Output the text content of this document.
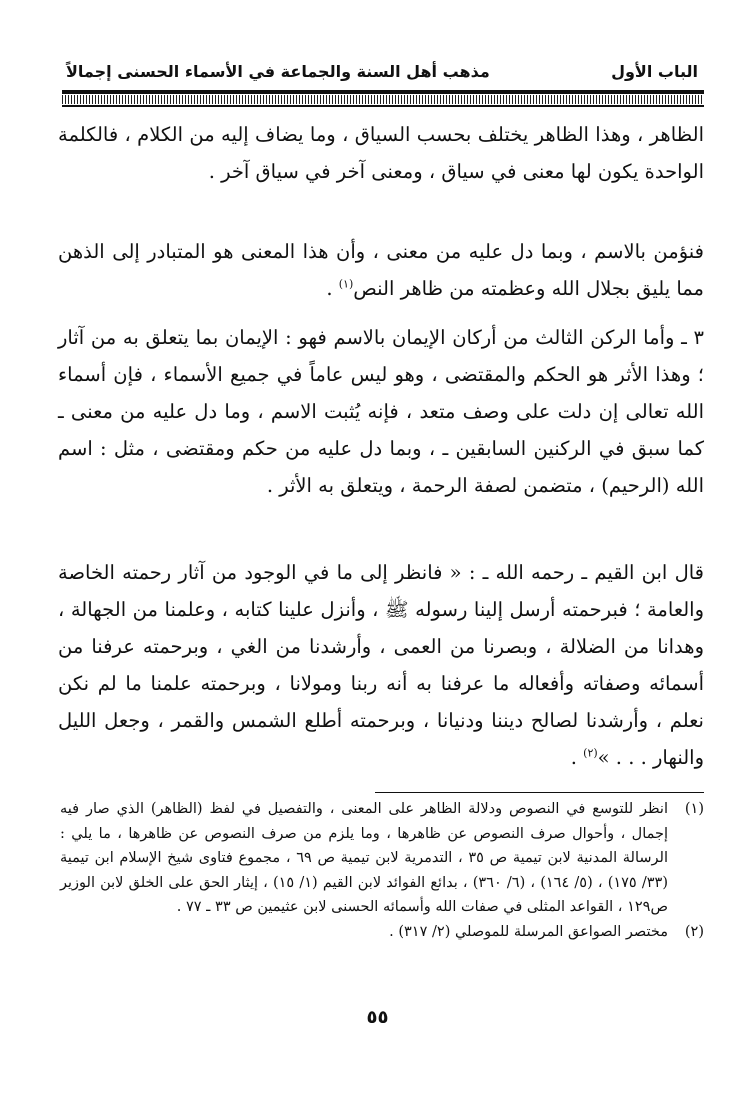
الباب الأول
مذهب أهل السنة والجماعة في الأسماء الحسنى إجمالاً

الظاهر ، وهذا الظاهر يختلف بحسب السياق ، وما يضاف إليه من الكلام ، فالكلمة الواحدة يكون لها معنى في سياق ، ومعنى آخر في سياق آخر .

فنؤمن بالاسم ، وبما دل عليه من معنى ، وأن هذا المعنى هو المتبادر إلى الذهن مما يليق بجلال الله وعظمته من ظاهر النص$^{(١)}$ .

٣ ـ وأما الركن الثالث من أركان الإيمان بالاسم فهو : الإيمان بما يتعلق به من آثار ؛ وهذا الأثر هو الحكم والمقتضى ، وهو ليس عاماً في جميع الأسماء ، فإن أسماء الله تعالى إن دلت على وصف متعد ، فإنه يُثبت الاسم ، وما دل عليه من معنى ـ كما سبق في الركنين السابقين ـ ، وبما دل عليه من حكم ومقتضى ، مثل : اسم الله (الرحيم) ، متضمن لصفة الرحمة ، ويتعلق به الأثر .

قال ابن القيم ـ رحمه الله ـ : « فانظر إلى ما في الوجود من آثار رحمته الخاصة والعامة ؛ فبرحمته أرسل إلينا رسوله ﷺ ، وأنزل علينا كتابه ، وعلمنا من الجهالة ، وهدانا من الضلالة ، وبصرنا من العمى ، وأرشدنا من الغي ، وبرحمته عرفنا من أسمائه وصفاته وأفعاله ما عرفنا به أنه ربنا ومولانا ، وبرحمته علمنا ما لم نكن نعلم ، وأرشدنا لصالح ديننا ودنيانا ، وبرحمته أطلع الشمس والقمر ، وجعل الليل والنهار . . . »$^{(٢)}$ .

(١)
انظر للتوسع في النصوص ودلالة الظاهر على المعنى ، والتفصيل في لفظ (الظاهر) الذي صار فيه إجمال ، وأحوال صرف النصوص عن ظاهرها ، وما يلزم من صرف النصوص عن ظاهرها ، ما يلي : الرسالة المدنية لابن تيمية ص ٣٥ ، التدمرية لابن تيمية ص ٦٩ ، مجموع فتاوى شيخ الإسلام ابن تيمية (٣٣/ ١٧٥) ، (٥/ ١٦٤) ، (٦/ ٣٦٠) ، بدائع الفوائد لابن القيم (١/ ١٥) ، إيثار الحق على الخلق لابن الوزير ص١٢٩ ، القواعد المثلى في صفات الله وأسمائه الحسنى لابن عثيمين ص ٣٣ ـ ٧٧ .
(٢)
مختصر الصواعق المرسلة للموصلي (٢/ ٣١٧) .
٥٥
